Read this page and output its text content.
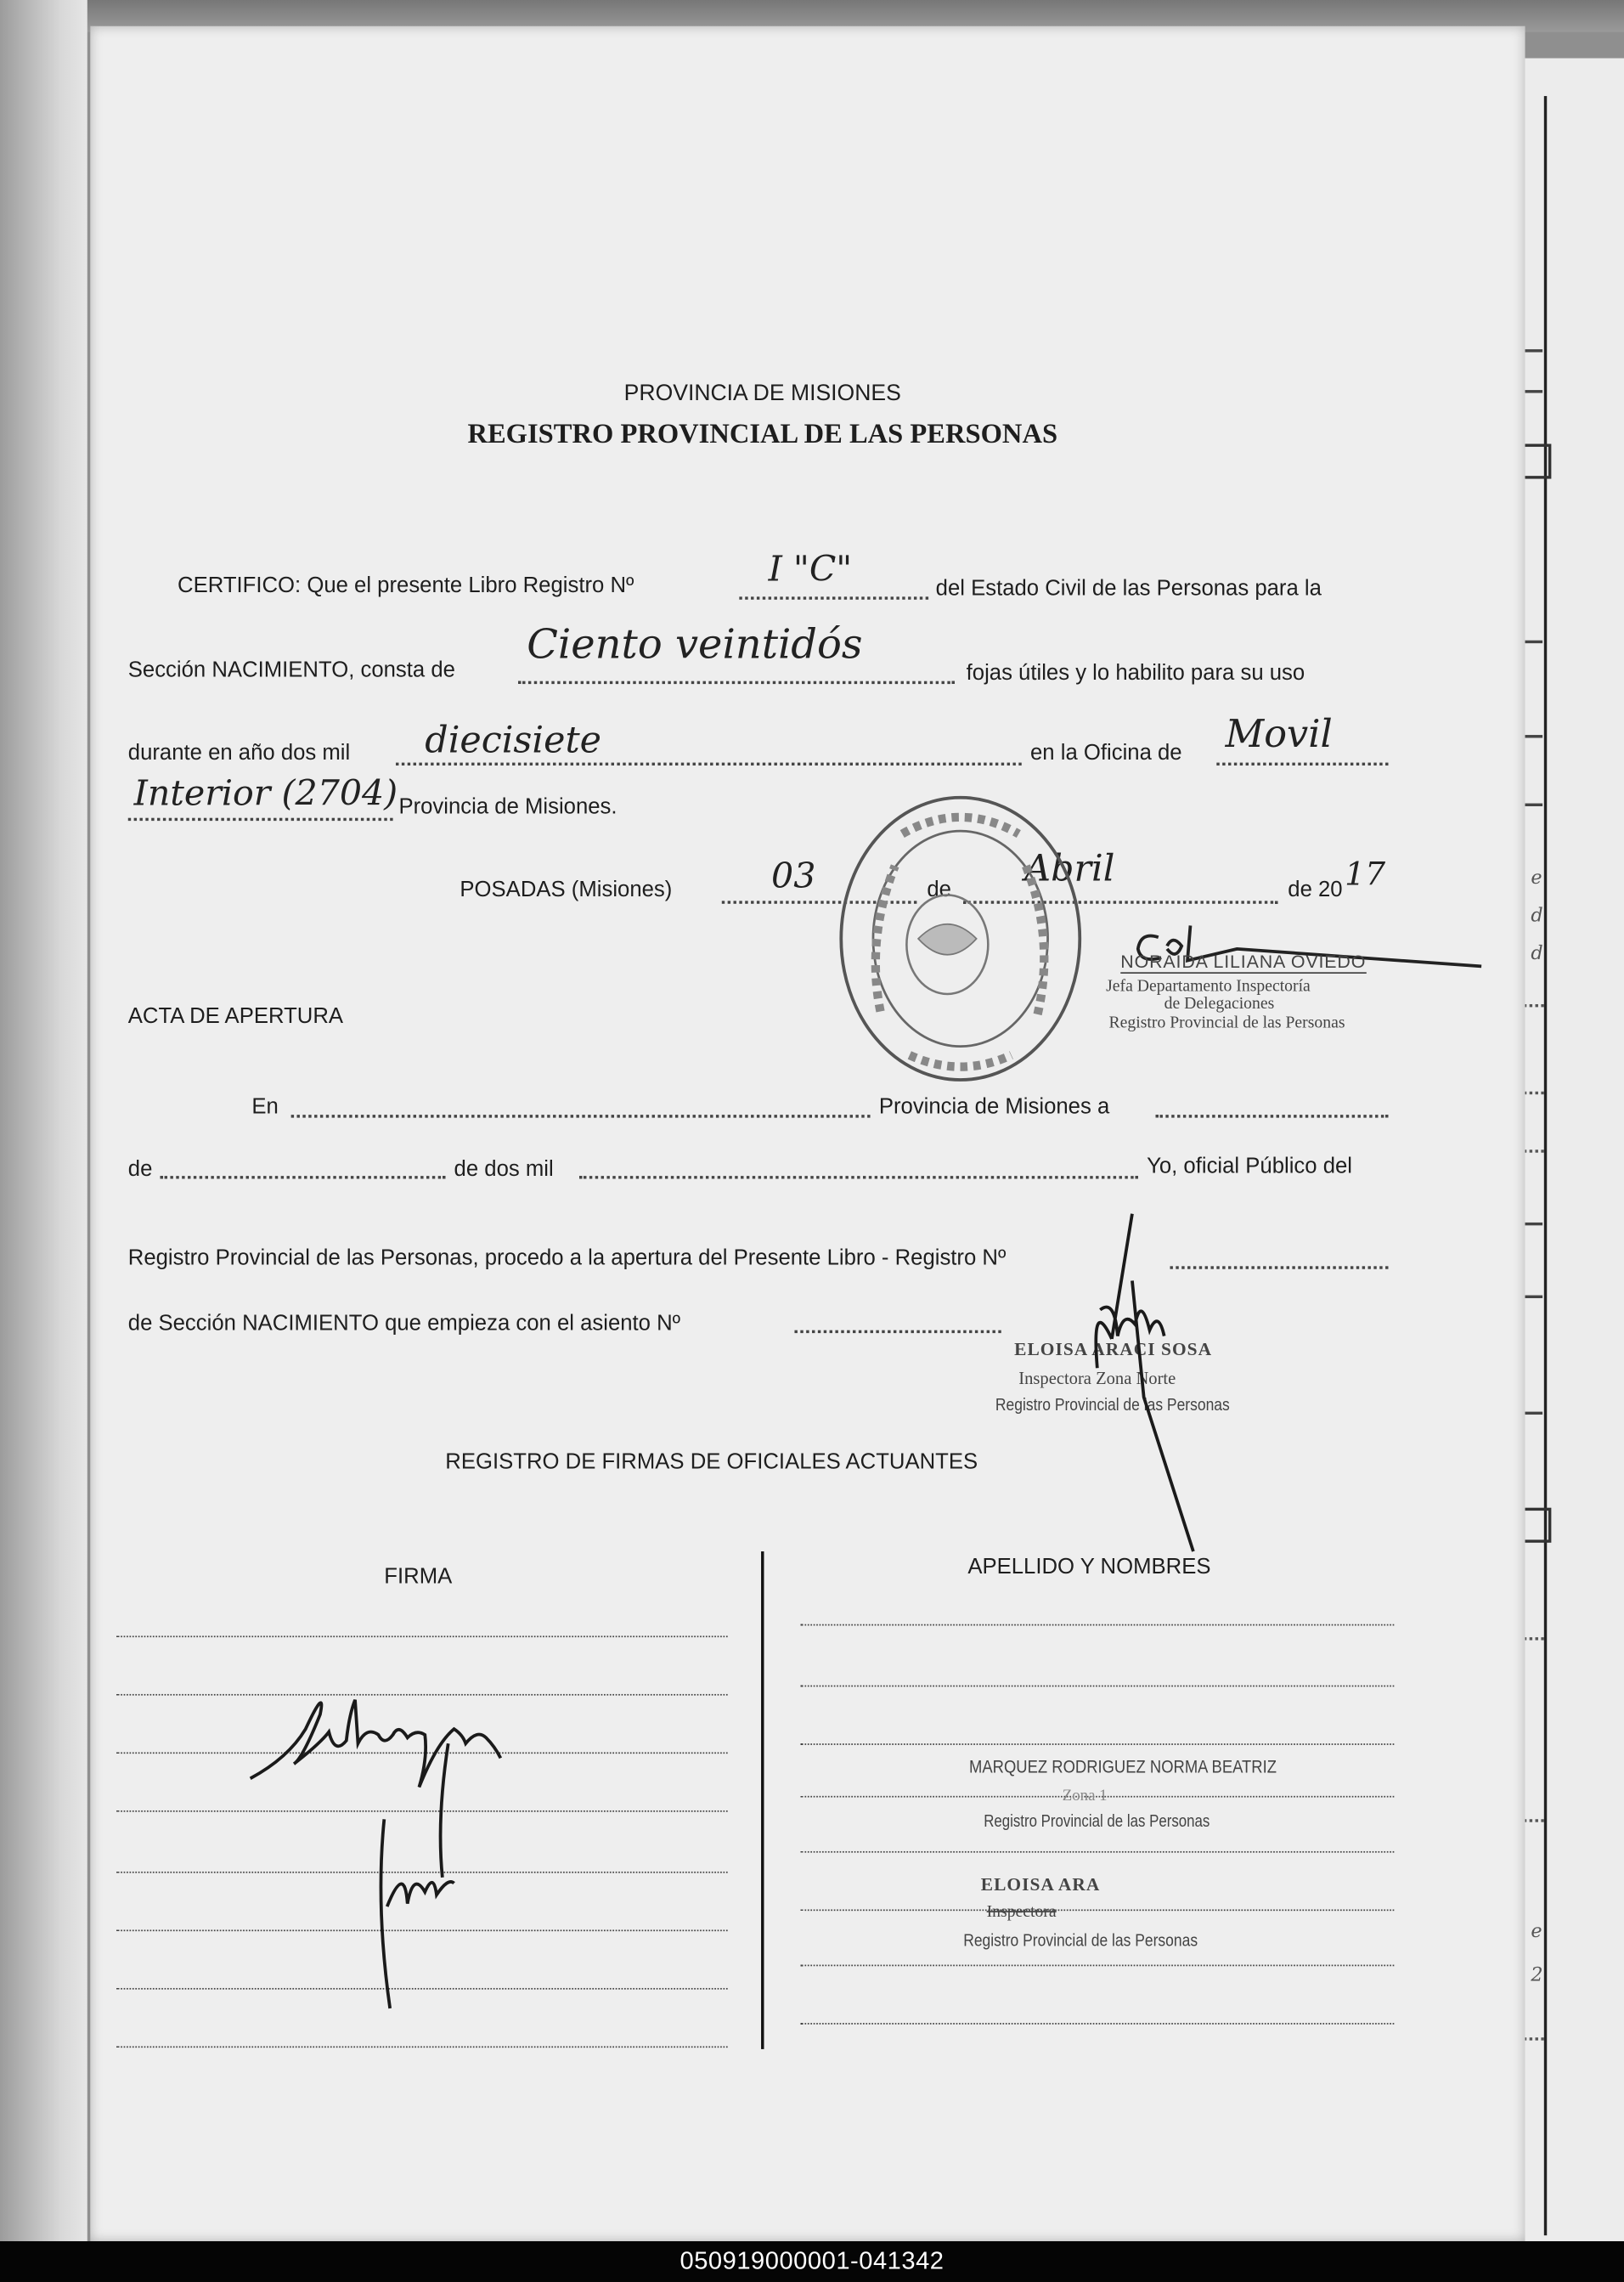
e
d
d
e
2
PROVINCIA DE MISIONES
REGISTRO PROVINCIAL DE LAS PERSONAS
CERTIFICO: Que el presente Libro Registro Nº	I "C"	del Estado Civil de las Personas para la
Sección NACIMIENTO, consta de
Ciento veintidós
fojas útiles y lo habilito para su uso
durante en año dos mil	diecisiete	en la Oficina de Movil
Interior (2704) Provincia de Misiones.
POSADAS (Misiones)	03	de
Abril
de 20 17
NORAIDA LILIANA OVIEDO
Jefa Departamento Inspectoría
de Delegaciones
Registro Provincial de las Personas
ACTA DE APERTURA
En	Provincia de Misiones a
de	de dos mil	Yo, oficial Público del
Registro Provincial de las Personas, procedo a la apertura del Presente Libro - Registro Nº
de Sección NACIMIENTO que empieza con el asiento Nº
ELOISA ARACI SOSA
Inspectora Zona Norte
Registro Provincial de las Personas
REGISTRO DE FIRMAS DE OFICIALES ACTUANTES
FIRMA	APELLIDO Y NOMBRES
MARQUEZ RODRIGUEZ NORMA BEATRIZ
Zona 1
Registro Provincial de las Personas
ELOISA ARA
Inspectora
Registro Provincial de las Personas
050919000001-041342
